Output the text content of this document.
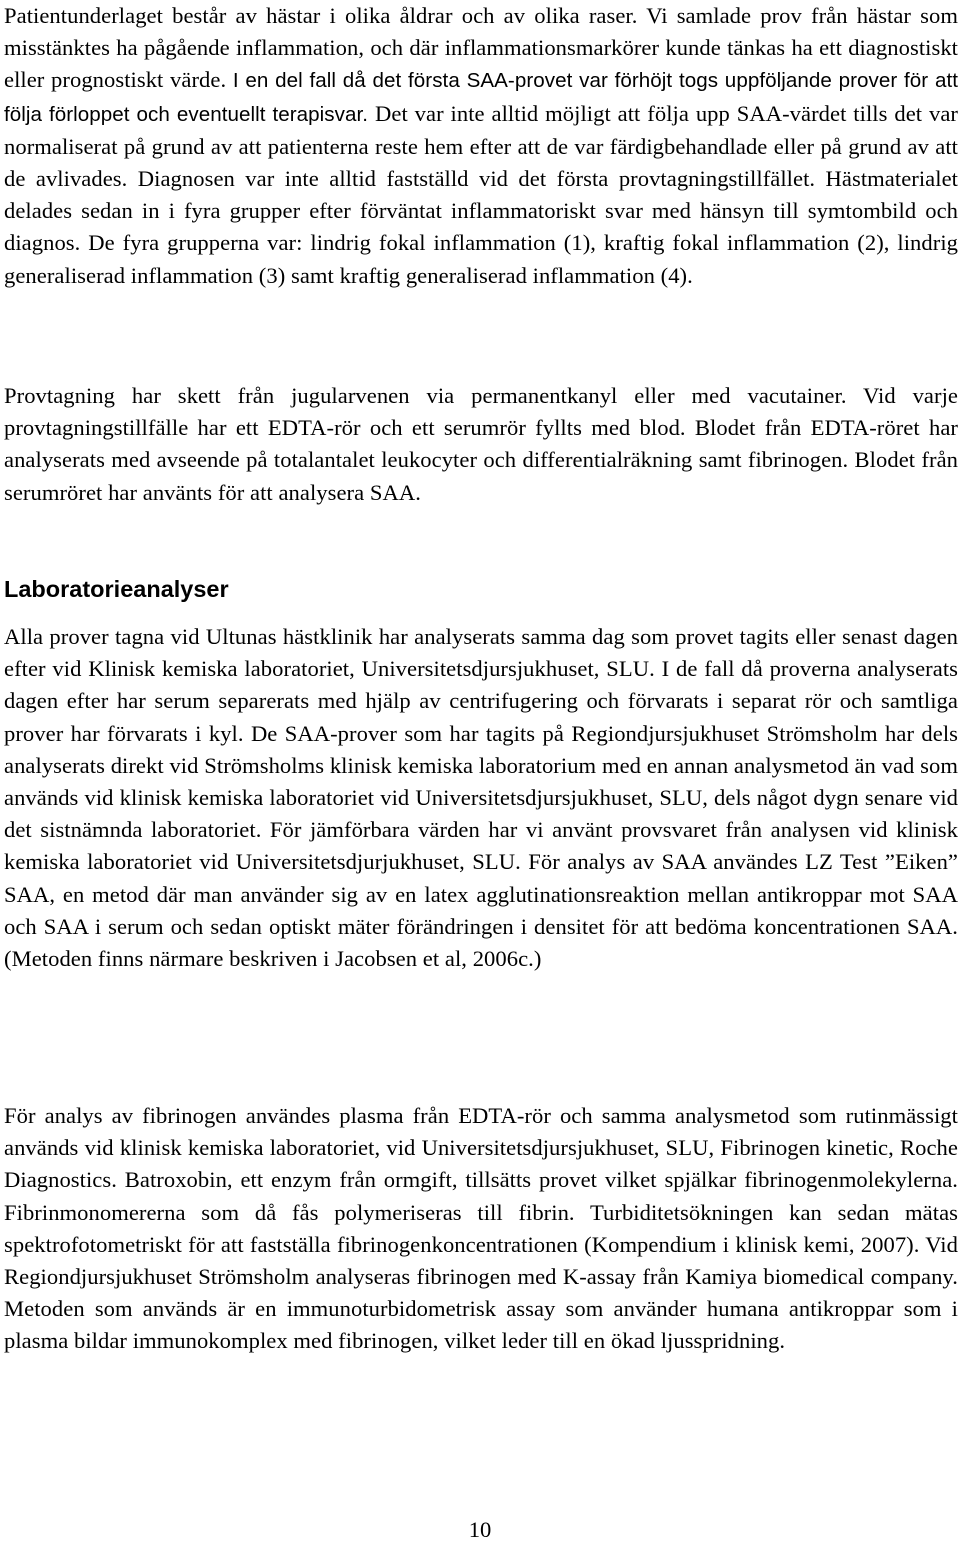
Patientunderlaget består av hästar i olika åldrar och av olika raser. Vi samlade prov från hästar som misstänktes ha pågående inflammation, och där inflammationsmarkörer kunde tänkas ha ett diagnostiskt eller prognostiskt värde. I en del fall då det första SAA-provet var förhöjt togs uppföljande prover för att följa förloppet och eventuellt terapisvar. Det var inte alltid möjligt att följa upp SAA-värdet tills det var normaliserat på grund av att patienterna reste hem efter att de var färdigbehandlade eller på grund av att de avlivades. Diagnosen var inte alltid fastställd vid det första provtagningstillfället. Hästmaterialet delades sedan in i fyra grupper efter förväntat inflammatoriskt svar med hänsyn till symtombild och diagnos. De fyra grupperna var: lindrig fokal inflammation (1), kraftig fokal inflammation (2), lindrig generaliserad inflammation (3) samt kraftig generaliserad inflammation (4).

Provtagning har skett från jugularvenen via permanentkanyl eller med vacutainer. Vid varje provtagningstillfälle har ett EDTA-rör och ett serumrör fyllts med blod. Blodet från EDTA-röret har analyserats med avseende på totalantalet leukocyter och differentialräkning samt fibrinogen. Blodet från serumröret har använts för att analysera SAA.

Laboratorieanalyser

Alla prover tagna vid Ultunas hästklinik har analyserats samma dag som provet tagits eller senast dagen efter vid Klinisk kemiska laboratoriet, Universitetsdjursjukhuset, SLU. I de fall då proverna analyserats dagen efter har serum separerats med hjälp av centrifugering och förvarats i separat rör och samtliga prover har förvarats i kyl. De SAA-prover som har tagits på Regiondjursjukhuset Strömsholm har dels analyserats direkt vid Strömsholms klinisk kemiska laboratorium med en annan analysmetod än vad som används vid klinisk kemiska laboratoriet vid Universitetsdjursjukhuset, SLU, dels något dygn senare vid det sistnämnda laboratoriet. För jämförbara värden har vi använt provsvaret från analysen vid klinisk kemiska laboratoriet vid Universitetsdjurjukhuset, SLU. För analys av SAA användes LZ Test ”Eiken” SAA, en metod där man använder sig av en latex agglutinationsreaktion mellan antikroppar mot SAA och SAA i serum och sedan optiskt mäter förändringen i densitet för att bedöma koncentrationen SAA. (Metoden finns närmare beskriven i Jacobsen et al, 2006c.)

För analys av fibrinogen användes plasma från EDTA-rör och samma analysmetod som rutinmässigt används vid klinisk kemiska laboratoriet, vid Universitetsdjursjukhuset, SLU, Fibrinogen kinetic, Roche Diagnostics. Batroxobin, ett enzym från ormgift, tillsätts provet vilket spjälkar fibrinogenmolekylerna. Fibrinmonomererna som då fås polymeriseras till fibrin. Turbiditetsökningen kan sedan mätas spektrofotometriskt för att fastställa fibrinogenkoncentrationen (Kompendium i klinisk kemi, 2007). Vid Regiondjursjukhuset Strömsholm analyseras fibrinogen med K-assay från Kamiya biomedical company. Metoden som används är en immunoturbidometrisk assay som använder humana antikroppar som i plasma bildar immunokomplex med fibrinogen, vilket leder till en ökad ljusspridning.

10
